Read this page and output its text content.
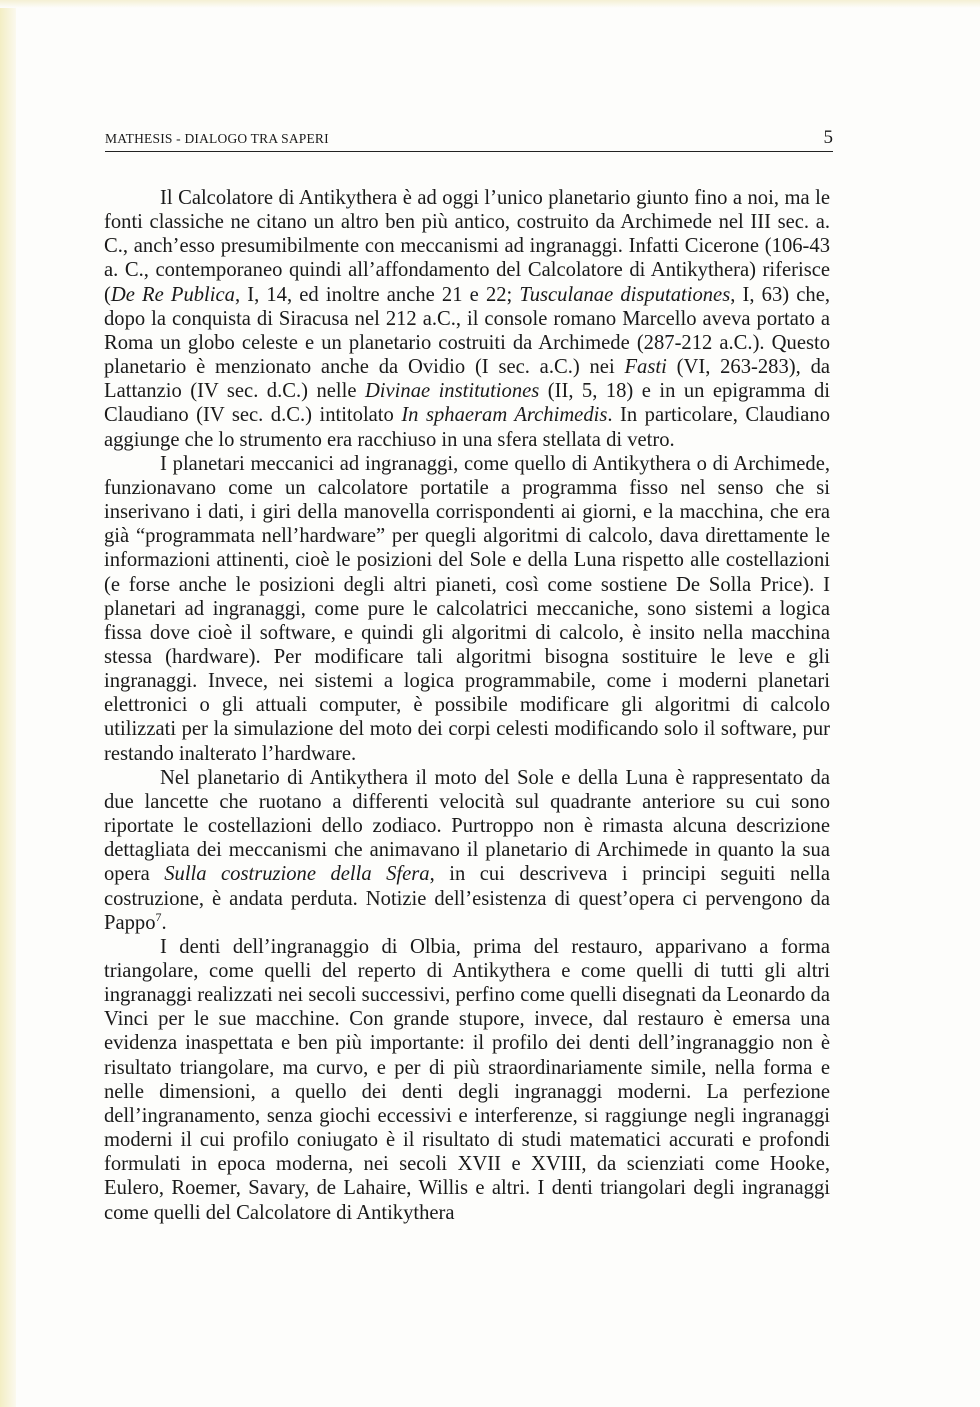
MATHESIS - DIALOGO TRA SAPERI	5

Il Calcolatore di Antikythera è ad oggi l’unico planetario giunto fino a noi, ma le fonti classiche ne citano un altro ben più antico, costruito da Archimede nel III sec. a. C., anch’esso presumibilmente con meccanismi ad ingranaggi. Infatti Cicerone (106-43 a. C., contemporaneo quindi all’affondamento del Calcolatore di Antikythera) riferisce (De Re Publica, I, 14, ed inoltre anche 21 e 22; Tusculanae disputationes, I, 63) che, dopo la conquista di Siracusa nel 212 a.C., il console romano Marcello aveva portato a Roma un globo celeste e un planetario costruiti da Archimede (287-212 a.C.). Questo planetario è menzionato anche da Ovidio (I sec. a.C.) nei Fasti (VI, 263-283), da Lattanzio (IV sec. d.C.) nelle Divinae institutiones (II, 5, 18) e in un epigramma di Claudiano (IV sec. d.C.) intitolato In sphaeram Archimedis. In particolare, Claudiano aggiunge che lo strumento era racchiuso in una sfera stellata di vetro.

I planetari meccanici ad ingranaggi, come quello di Antikythera o di Archimede, funzionavano come un calcolatore portatile a programma fisso nel senso che si inserivano i dati, i giri della manovella corrispondenti ai giorni, e la macchina, che era già “programmata nell’hardware” per quegli algoritmi di calcolo, dava direttamente le informazioni attinenti, cioè le posizioni del Sole e della Luna rispetto alle costellazioni (e forse anche le posizioni degli altri pianeti, così come sostiene De Solla Price). I planetari ad ingranaggi, come pure le calcolatrici meccaniche, sono sistemi a logica fissa dove cioè il software, e quindi gli algoritmi di calcolo, è insito nella macchina stessa (hardware). Per modificare tali algoritmi bisogna sostituire le leve e gli ingranaggi. Invece, nei sistemi a logica programmabile, come i moderni planetari elettronici o gli attuali computer, è possibile modificare gli algoritmi di calcolo utilizzati per la simulazione del moto dei corpi celesti modificando solo il software, pur restando inalterato l’hardware.

Nel planetario di Antikythera il moto del Sole e della Luna è rappresentato da due lancette che ruotano a differenti velocità sul quadrante anteriore su cui sono riportate le costellazioni dello zodiaco. Purtroppo non è rimasta alcuna descrizione dettagliata dei meccanismi che animavano il planetario di Archimede in quanto la sua opera Sulla costruzione della Sfera, in cui descriveva i principi seguiti nella costruzione, è andata perduta. Notizie dell’esistenza di quest’opera ci pervengono da Pappo$^7$.

I denti dell’ingranaggio di Olbia, prima del restauro, apparivano a forma triangolare, come quelli del reperto di Antikythera e come quelli di tutti gli altri ingranaggi realizzati nei secoli successivi, perfino come quelli disegnati da Leonardo da Vinci per le sue macchine. Con grande stupore, invece, dal restauro è emersa una evidenza inaspettata e ben più importante: il profilo dei denti dell’ingranaggio non è risultato triangolare, ma curvo, e per di più straordinariamente simile, nella forma e nelle dimensioni, a quello dei denti degli ingranaggi moderni. La perfezione dell’ingranamento, senza giochi eccessivi e interferenze, si raggiunge negli ingranaggi moderni il cui profilo coniugato è il risultato di studi matematici accurati e profondi formulati in epoca moderna, nei secoli XVII e XVIII, da scienziati come Hooke, Eulero, Roemer, Savary, de Lahaire, Willis e altri. I denti triangolari degli ingranaggi come quelli del Calcolatore di Antikythera
